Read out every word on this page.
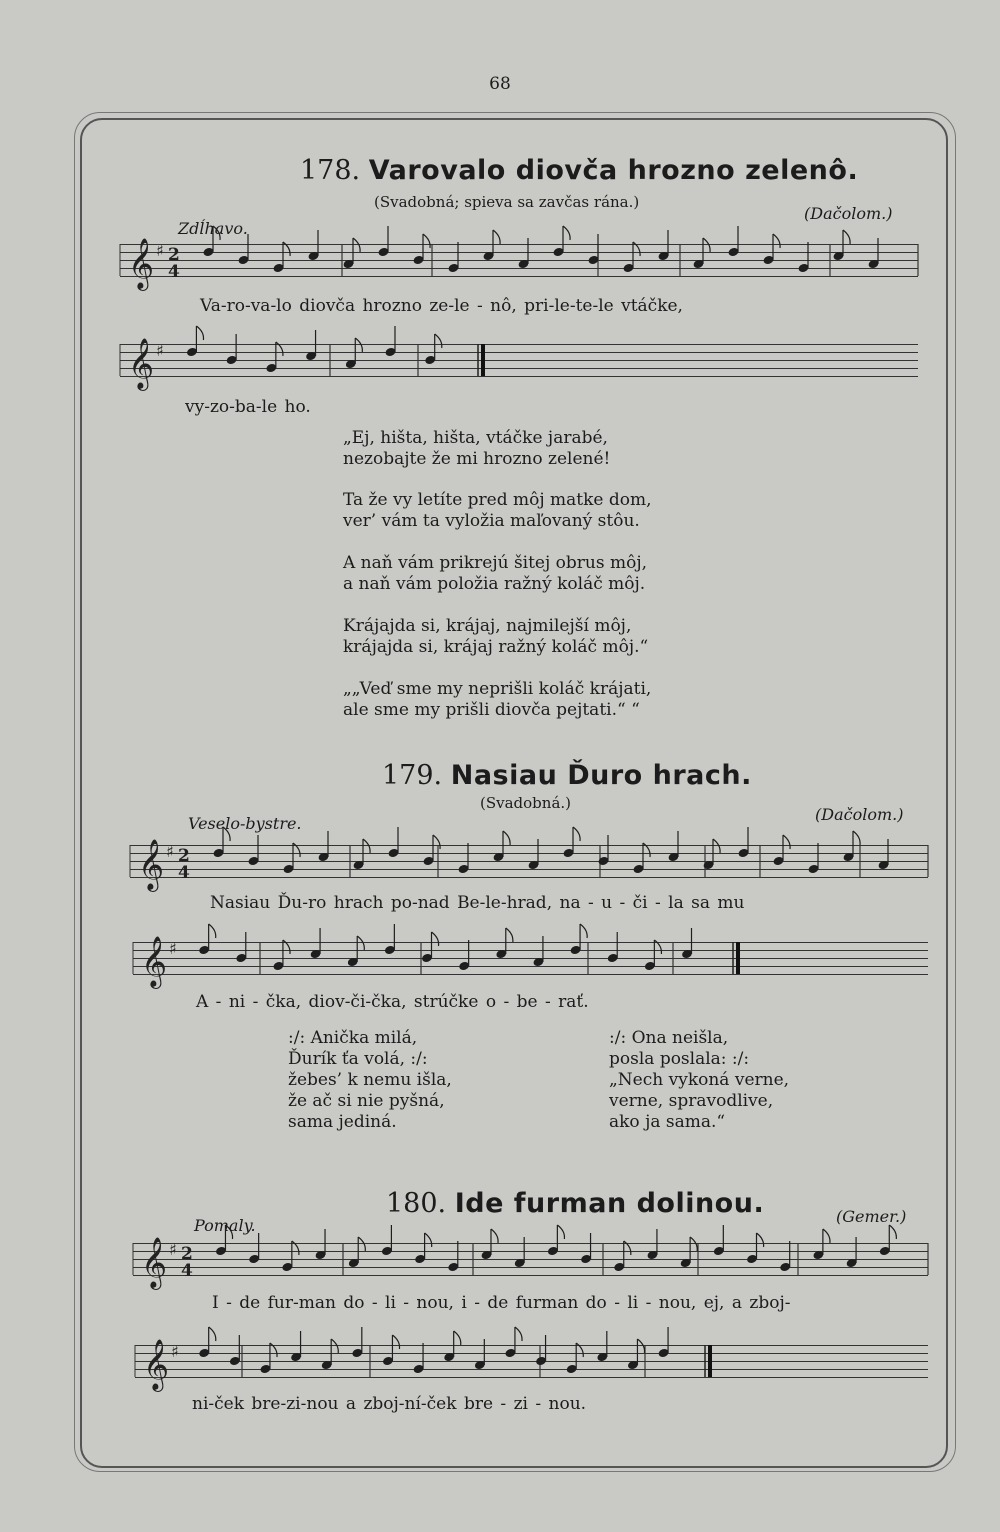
68
178. Varovalo diovča hrozno zelenô.
(Svadobná; spieva sa zavčas rána.)
Zdĺhavo.
(Dačolom.)
Va-ro-va-lo diovča hrozno ze-le - nô, pri-le-te-le vtáčke,
vy-zo-ba-le ho.
„Ej, hišta, hišta, vtáčke jarabé,
nezobajte že mi hrozno zelené!
Ta že vy letíte pred môj matke dom,
ver’ vám ta vyložia maľovaný stôu.
A naň vám prikrejú šitej obrus môj,
a naň vám položia ražný koláč môj.
Krájajda si, krájaj, najmilejší môj,
krájajda si, krájaj ražný koláč môj.“
„„Veď sme my neprišli koláč krájati,
ale sme my prišli diovča pejtati.“ “
179. Nasiau Ďuro hrach.
(Svadobná.)
Veselo-bystre.	(Dačolom.)
Nasiau Ďu-ro hrach po-nad Be-le-hrad, na - u - či - la sa mu
A - ni - čka, diov-či-čka, strúčke o - be - rať.
:/: Anička milá,
Ďurík ťa volá, :/:
žebes’ k nemu išla,
že ač si nie pyšná,
sama jediná.
:/: Ona neišla,
posla poslala: :/:
„Nech vykoná verne,
verne, spravodlive,
ako ja sama.“
180. Ide furman dolinou.
Pomaly.	(Gemer.)
I - de fur-man do - li - nou, i - de furman do - li - nou, ej, a zboj-
ni-ček bre-zi-nou a zboj-ní-ček bre - zi - nou.
𝄞 ♯ 2
4
𝄞 ♯
𝄞 ♯ 2
4
𝄞 ♯
𝄞 ♯ 2
4
𝄞 ♯
